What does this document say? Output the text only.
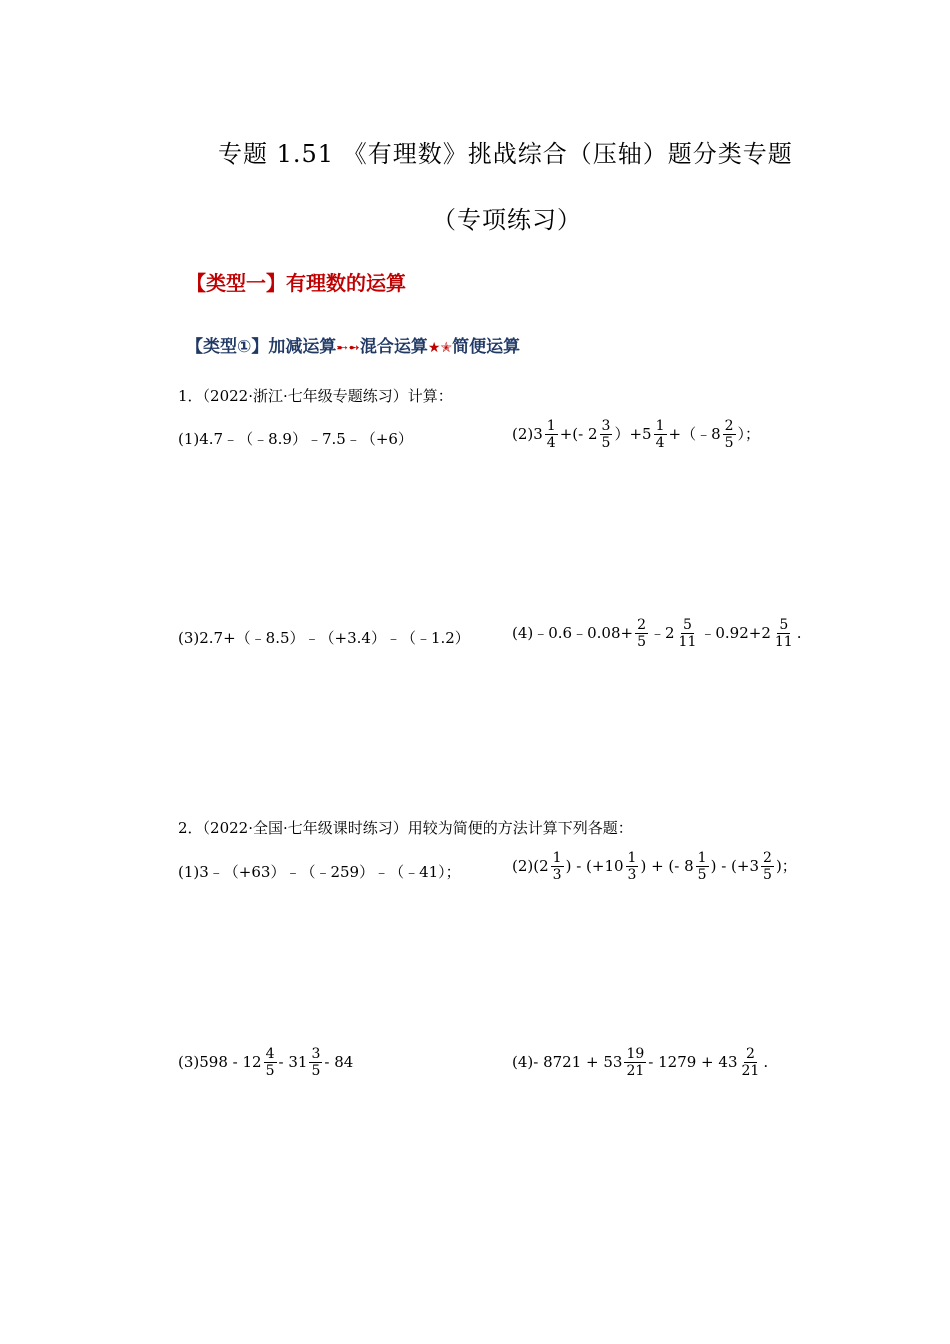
专题 1.51 《有理数》挑战综合（压轴）题分类专题
（专项练习）
【类型一】有理数的运算
【类型①】加减运算➸➻混合运算★✭简便运算
1．（2022·浙江·七年级专题练习）计算：
(1)4.7﹣（﹣8.9）﹣7.5﹣（+6）	(2) $3 \frac{1}{4}$ +(- $2 \frac{3}{5} )+5 \frac{1}{4}$ +（﹣8 $\frac{2}{5}$ ）；
(3)2.7+（﹣8.5）﹣（+3.4）﹣（﹣1.2）	(4)﹣0.6﹣0.08+ $\frac{2}{5}$ ﹣2 $\frac{5}{11}$ ﹣0.92+2 $\frac{5}{11}$ .
2．（2022·全国·七年级课时练习）用较为简便的方法计算下列各题：
(1)3﹣（+63）﹣（﹣259）﹣（﹣41）；	(2) ($2 \frac{1}{3}$ ) - ($+10 \frac{1}{3}$ ) + (- $8 \frac{1}{5}$ ) - ($+3 \frac{2}{5}$ ) ；
(3) $598 - 12 \frac{4}{5} - 31 \frac{3}{5} - 84$	$(4) - 8721 + 53 \frac{19}{21} - 1279 + 43 \frac{2}{21}$ .
